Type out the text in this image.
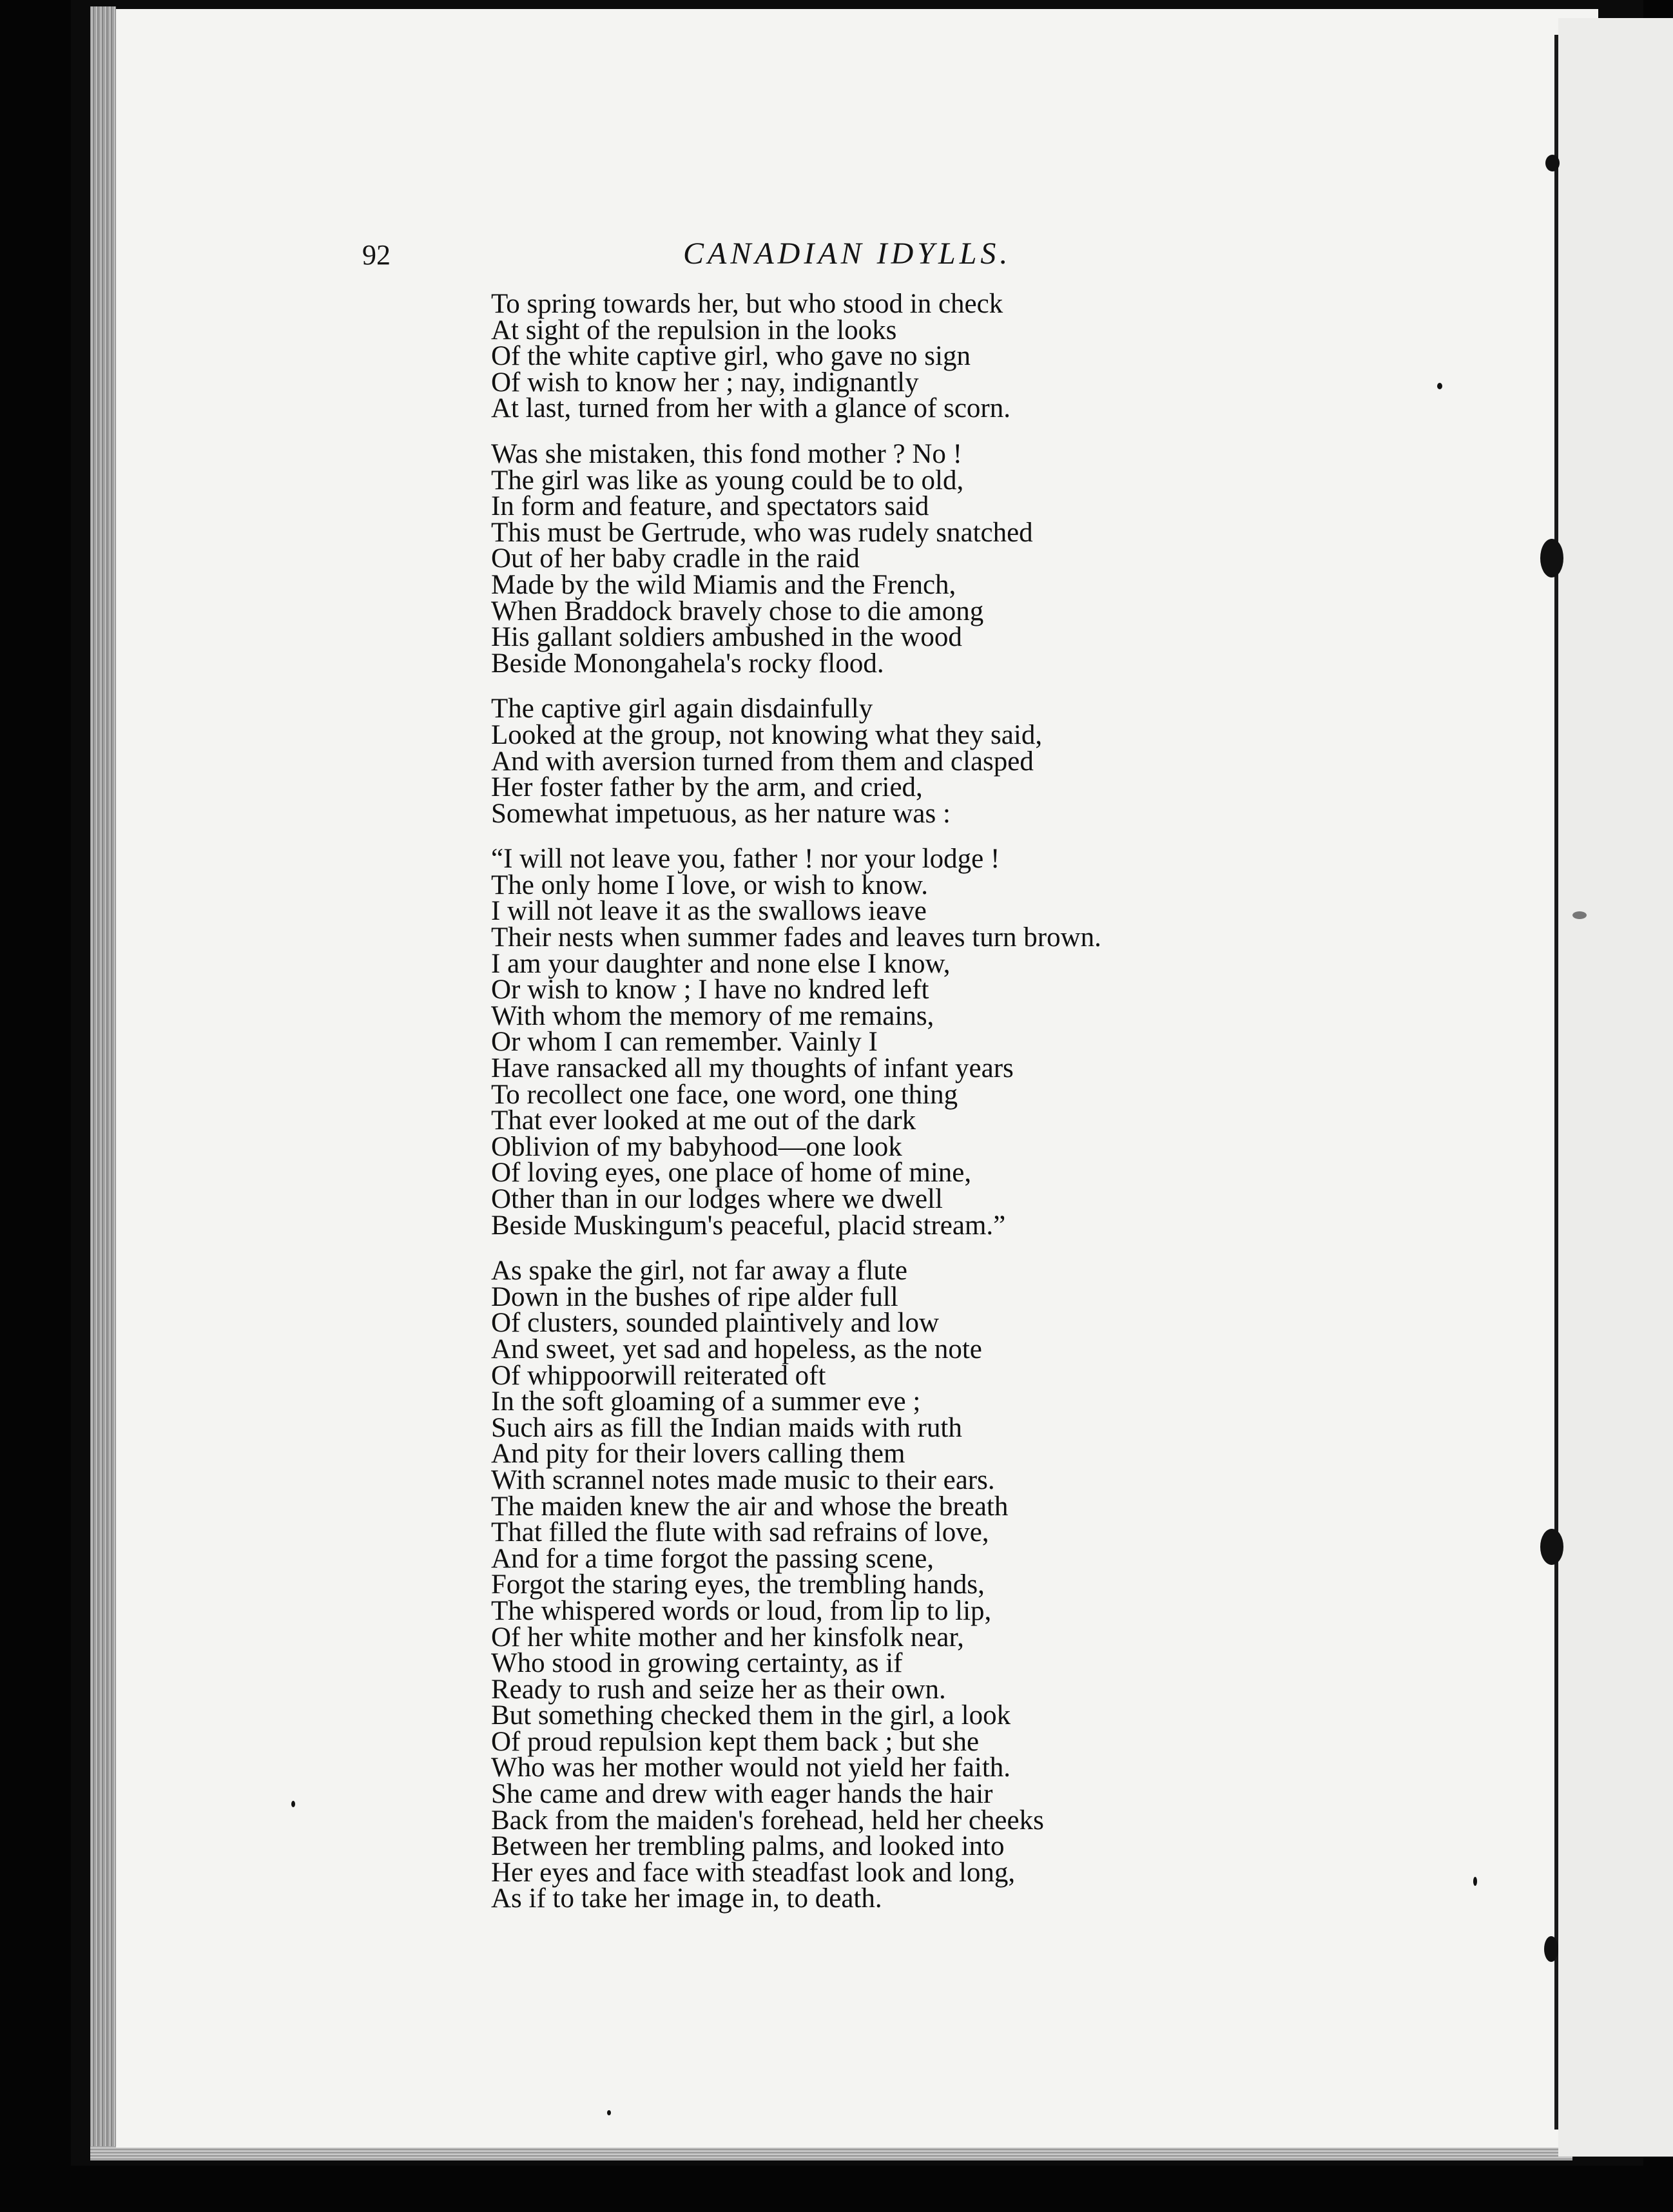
92	CANADIAN IDYLLS.
To spring towards her, but who stood in check
At sight of the repulsion in the looks
Of the white captive girl, who gave no sign
Of wish to know her ; nay, indignantly
At last, turned from her with a glance of scorn.
Was she mistaken, this fond mother ? No !
The girl was like as young could be to old,
In form and feature, and spectators said
This must be Gertrude, who was rudely snatched
Out of her baby cradle in the raid
Made by the wild Miamis and the French,
When Braddock bravely chose to die among
His gallant soldiers ambushed in the wood
Beside Monongahela's rocky flood.
The captive girl again disdainfully
Looked at the group, not knowing what they said,
And with aversion turned from them and clasped
Her foster father by the arm, and cried,
Somewhat impetuous, as her nature was :
“I will not leave you, father ! nor your lodge !
The only home I love, or wish to know.
I will not leave it as the swallows ieave
Their nests when summer fades and leaves turn brown.
I am your daughter and none else I know,
Or wish to know ; I have no kndred left
With whom the memory of me remains,
Or whom I can remember. Vainly I
Have ransacked all my thoughts of infant years
To recollect one face, one word, one thing
That ever looked at me out of the dark
Oblivion of my babyhood—one look
Of loving eyes, one place of home of mine,
Other than in our lodges where we dwell
Beside Muskingum's peaceful, placid stream.”
As spake the girl, not far away a flute
Down in the bushes of ripe alder full
Of clusters, sounded plaintively and low
And sweet, yet sad and hopeless, as the note
Of whippoorwill reiterated oft
In the soft gloaming of a summer eve ;
Such airs as fill the Indian maids with ruth
And pity for their lovers calling them
With scrannel notes made music to their ears.
The maiden knew the air and whose the breath
That filled the flute with sad refrains of love,
And for a time forgot the passing scene,
Forgot the staring eyes, the trembling hands,
The whispered words or loud, from lip to lip,
Of her white mother and her kinsfolk near,
Who stood in growing certainty, as if
Ready to rush and seize her as their own.
But something checked them in the girl, a look
Of proud repulsion kept them back ; but she
Who was her mother would not yield her faith.
She came and drew with eager hands the hair
Back from the maiden's forehead, held her cheeks
Between her trembling palms, and looked into
Her eyes and face with steadfast look and long,
As if to take her image in, to death.
